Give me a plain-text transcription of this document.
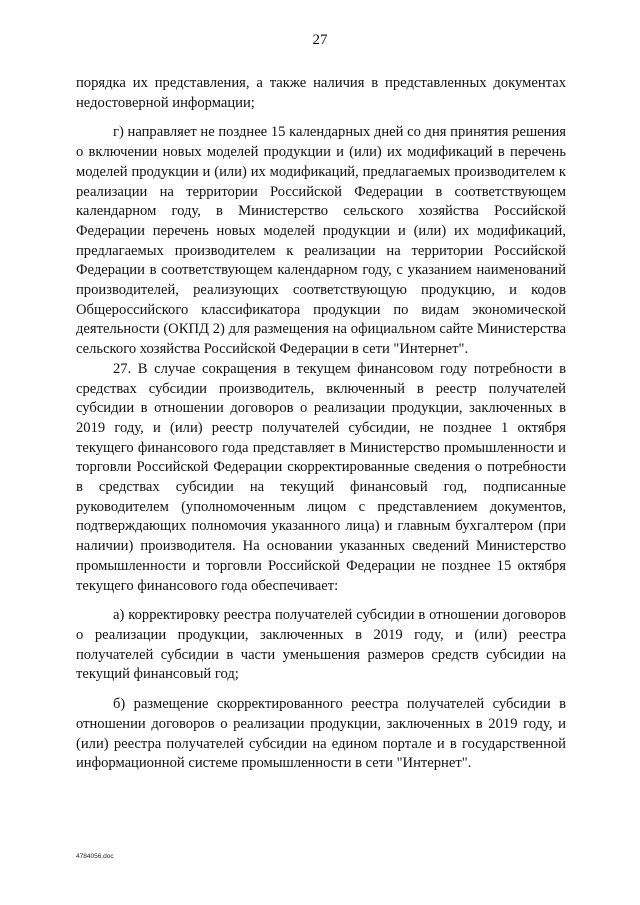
27

порядка их представления, а также наличия в представленных документах недостоверной информации;

г) направляет не позднее 15 календарных дней со дня принятия решения о включении новых моделей продукции и (или) их модификаций в перечень моделей продукции и (или) их модификаций, предлагаемых производителем к реализации на территории Российской Федерации в соответствующем календарном году, в Министерство сельского хозяйства Российской Федерации перечень новых моделей продукции и (или) их модификаций, предлагаемых производителем к реализации на территории Российской Федерации в соответствующем календарном году, с указанием наименований производителей, реализующих соответствующую продукцию, и кодов Общероссийского классификатора продукции по видам экономической деятельности (ОКПД 2) для размещения на официальном сайте Министерства сельского хозяйства Российской Федерации в сети "Интернет".

27. В случае сокращения в текущем финансовом году потребности в средствах субсидии производитель, включенный в реестр получателей субсидии в отношении договоров о реализации продукции, заключенных в 2019 году, и (или) реестр получателей субсидии, не позднее 1 октября текущего финансового года представляет в Министерство промышленности и торговли Российской Федерации скорректированные сведения о потребности в средствах субсидии на текущий финансовый год, подписанные руководителем (уполномоченным лицом с представлением документов, подтверждающих полномочия указанного лица) и главным бухгалтером (при наличии) производителя. На основании указанных сведений Министерство промышленности и торговли Российской Федерации не позднее 15 октября текущего финансового года обеспечивает:

а) корректировку реестра получателей субсидии в отношении договоров о реализации продукции, заключенных в 2019 году, и (или) реестра получателей субсидии в части уменьшения размеров средств субсидии на текущий финансовый год;

б) размещение скорректированного реестра получателей субсидии в отношении договоров о реализации продукции, заключенных в 2019 году, и (или) реестра получателей субсидии на едином портале и в государственной информационной системе промышленности в сети "Интернет".

4784056.doc
